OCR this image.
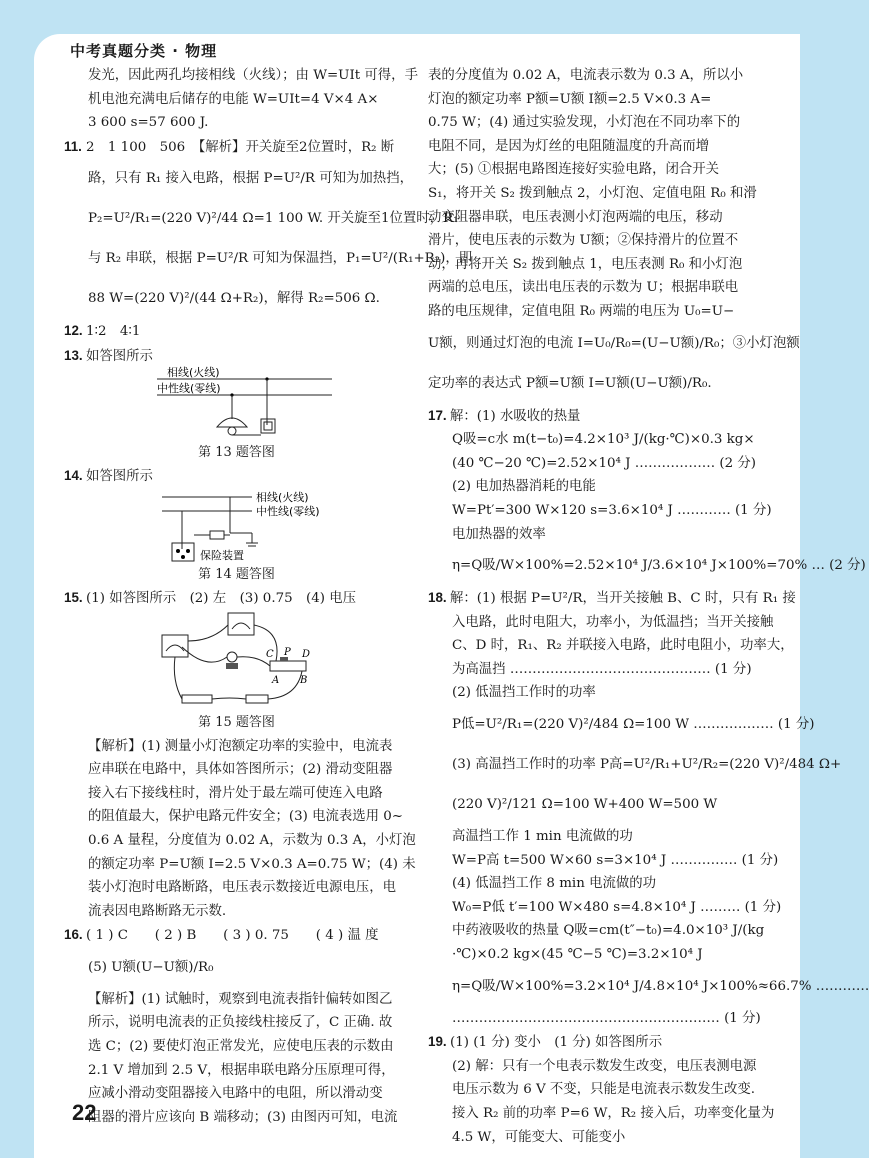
中考真题分类 · 物理
22
发光，因此两孔均接相线（火线）；由 W=UIt 可得，手
机电池充满电后储存的电能 W=UIt=4 V×4 A×
3 600 s=57 600 J.
11. 2　1 100　506　【解析】开关旋至2位置时，R₂ 断
路，只有 R₁ 接入电路，根据 P=U²/R 可知为加热挡，
P₂=U²/R₁=(220 V)²/44 Ω=1 100 W. 开关旋至1位置时，R₁
与 R₂ 串联，根据 P=U²/R 可知为保温挡，P₁=U²/(R₁+R₂)，即
88 W=(220 V)²/(44 Ω+R₂)，解得 R₂=506 Ω.
12. 1∶2　4∶1
13. 如答图所示
相线(火线)
中性线(零线)
第 13 题答图
14. 如答图所示
相线(火线)
中性线(零线)
保险装置
第 14 题答图
15. (1) 如答图所示　(2) 左　(3) 0.75　(4) 电压
C P D
A B
第 15 题答图
【解析】(1) 测量小灯泡额定功率的实验中，电流表
应串联在电路中，具体如答图所示；(2) 滑动变阻器
接入右下接线柱时，滑片处于最左端可使连入电路
的阻值最大，保护电路元件安全；(3) 电流表选用 0~
0.6 A 量程，分度值为 0.02 A，示数为 0.3 A，小灯泡
的额定功率 P=U额 I=2.5 V×0.3 A=0.75 W；(4) 未
装小灯泡时电路断路，电压表示数接近电源电压，电
流表因电路断路无示数.
16. ( 1 ) C　　( 2 ) B　　( 3 ) 0. 75　　( 4 ) 温 度
(5) U额(U−U额)/R₀
【解析】(1) 试触时，观察到电流表指针偏转如图乙
所示，说明电流表的正负接线柱接反了，C 正确. 故
选 C；(2) 要使灯泡正常发光，应使电压表的示数由
2.1 V 增加到 2.5 V，根据串联电路分压原理可得，
应减小滑动变阻器接入电路中的电阻，所以滑动变
阻器的滑片应该向 B 端移动；(3) 由图丙可知，电流
表的分度值为 0.02 A，电流表示数为 0.3 A，所以小
灯泡的额定功率 P额=U额 I额=2.5 V×0.3 A=
0.75 W；(4) 通过实验发现，小灯泡在不同功率下的
电阻不同，是因为灯丝的电阻随温度的升高而增
大；(5) ①根据电路图连接好实验电路，闭合开关
S₁，将开关 S₂ 拨到触点 2，小灯泡、定值电阻 R₀ 和滑
动变阻器串联，电压表测小灯泡两端的电压，移动
滑片，使电压表的示数为 U额；②保持滑片的位置不
动，再将开关 S₂ 拨到触点 1，电压表测 R₀ 和小灯泡
两端的总电压，读出电压表的示数为 U；根据串联电
路的电压规律，定值电阻 R₀ 两端的电压为 U₀=U−
U额，则通过灯泡的电流 I=U₀/R₀=(U−U额)/R₀；③小灯泡额
定功率的表达式 P额=U额 I=U额(U−U额)/R₀.
17. 解：(1) 水吸收的热量
Q吸=c水 m(t−t₀)=4.2×10³ J/(kg·℃)×0.3 kg×
(40 ℃−20 ℃)=2.52×10⁴ J ……………… (2 分)
(2) 电加热器消耗的电能
W=Pt′=300 W×120 s=3.6×10⁴ J ………… (1 分)
电加热器的效率
η=Q吸/W×100%=2.52×10⁴ J/3.6×10⁴ J×100%=70% … (2 分)
18. 解：(1) 根据 P=U²/R，当开关接触 B、C 时，只有 R₁ 接
入电路，此时电阻大，功率小，为低温挡；当开关接触
C、D 时，R₁、R₂ 并联接入电路，此时电阻小，功率大，
为高温挡 ……………………………………… (1 分)
(2) 低温挡工作时的功率
P低=U²/R₁=(220 V)²/484 Ω=100 W ……………… (1 分)
(3) 高温挡工作时的功率 P高=U²/R₁+U²/R₂=(220 V)²/484 Ω+
(220 V)²/121 Ω=100 W+400 W=500 W
高温挡工作 1 min 电流做的功
W=P高 t=500 W×60 s=3×10⁴ J …………… (1 分)
(4) 低温挡工作 8 min 电流做的功
W₀=P低 t′=100 W×480 s=4.8×10⁴ J ……… (1 分)
中药液吸收的热量 Q吸=cm(t″−t₀)=4.0×10³ J/(kg
·℃)×0.2 kg×(45 ℃−5 ℃)=3.2×10⁴ J
η=Q吸/W×100%=3.2×10⁴ J/4.8×10⁴ J×100%≈66.7% …………
…………………………………………………… (1 分)
19. (1) (1 分) 变小　(1 分) 如答图所示
(2) 解：只有一个电表示数发生改变，电压表测电源
电压示数为 6 V 不变，只能是电流表示数发生改变.
接入 R₂ 前的功率 P=6 W，R₂ 接入后，功率变化量为
4.5 W，可能变大、可能变小
